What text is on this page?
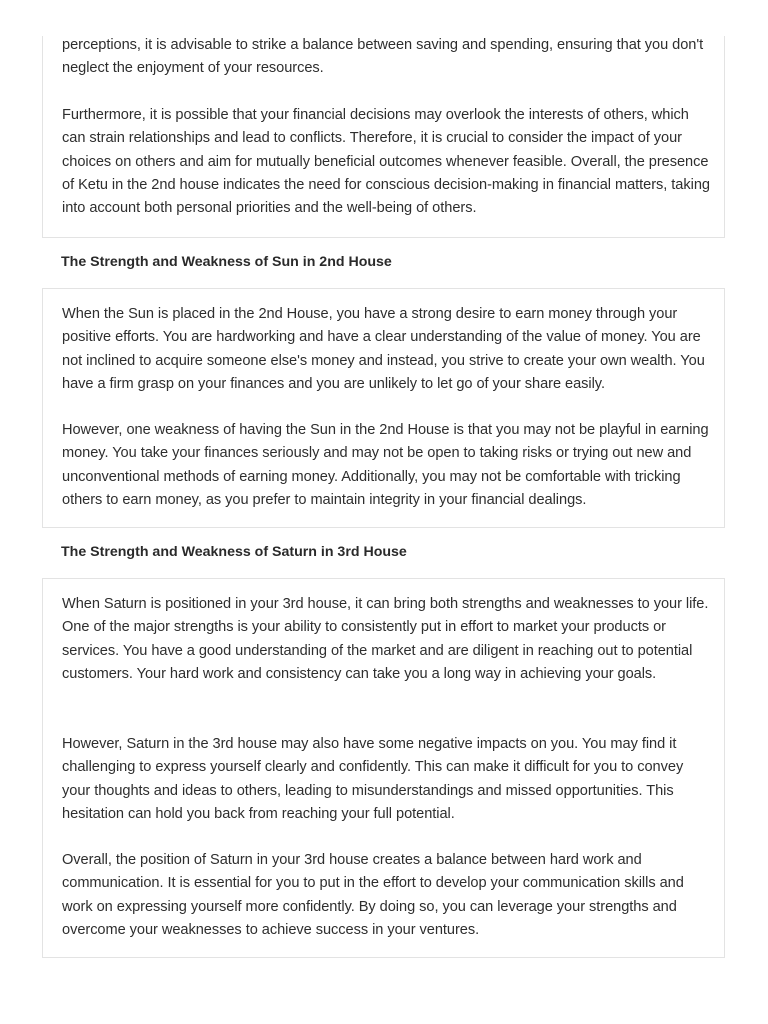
perceptions, it is advisable to strike a balance between saving and spending, ensuring that you don't neglect the enjoyment of your resources.

Furthermore, it is possible that your financial decisions may overlook the interests of others, which can strain relationships and lead to conflicts. Therefore, it is crucial to consider the impact of your choices on others and aim for mutually beneficial outcomes whenever feasible. Overall, the presence of Ketu in the 2nd house indicates the need for conscious decision-making in financial matters, taking into account both personal priorities and the well-being of others.

The Strength and Weakness of Sun in 2nd House

When the Sun is placed in the 2nd House, you have a strong desire to earn money through your positive efforts. You are hardworking and have a clear understanding of the value of money. You are not inclined to acquire someone else's money and instead, you strive to create your own wealth. You have a firm grasp on your finances and you are unlikely to let go of your share easily.

However, one weakness of having the Sun in the 2nd House is that you may not be playful in earning money. You take your finances seriously and may not be open to taking risks or trying out new and unconventional methods of earning money. Additionally, you may not be comfortable with tricking others to earn money, as you prefer to maintain integrity in your financial dealings.

The Strength and Weakness of Saturn in 3rd House

When Saturn is positioned in your 3rd house, it can bring both strengths and weaknesses to your life. One of the major strengths is your ability to consistently put in effort to market your products or services. You have a good understanding of the market and are diligent in reaching out to potential customers. Your hard work and consistency can take you a long way in achieving your goals.

However, Saturn in the 3rd house may also have some negative impacts on you. You may find it challenging to express yourself clearly and confidently. This can make it difficult for you to convey your thoughts and ideas to others, leading to misunderstandings and missed opportunities. This hesitation can hold you back from reaching your full potential.

Overall, the position of Saturn in your 3rd house creates a balance between hard work and communication. It is essential for you to put in the effort to develop your communication skills and work on expressing yourself more confidently. By doing so, you can leverage your strengths and overcome your weaknesses to achieve success in your ventures.
